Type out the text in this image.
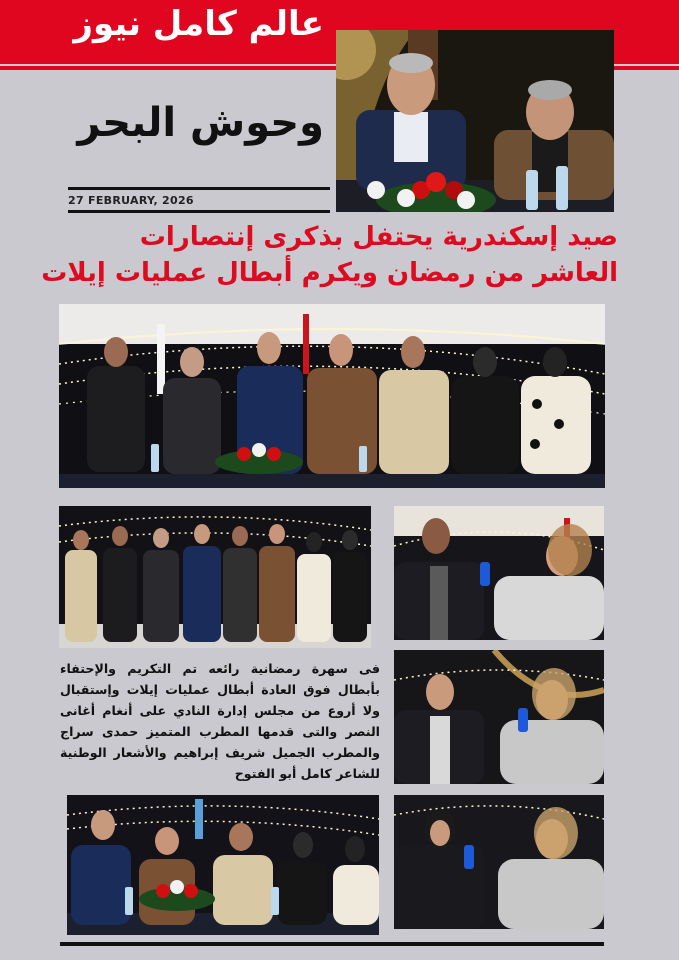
عالم كامل نيوز
وحوش البحر
27 FEBRUARY, 2026
صيد إسكندرية يحتفل بذكرى إنتصارات
العاشر من رمضان ويكرم أبطال عمليات إيلات
فى سهرة رمضانية رائعه تم التكريم والإحتفاء بأبطال فوق العادة أبطال عمليات إيلات وإستقبال ولا أروع من مجلس إدارة النادي على أنغام أغانى النصر والتى قدمها المطرب المتميز حمدى سراج والمطرب الجميل شريف إبراهيم والأشعار الوطنية للشاعر كامل أبو الفتوح
